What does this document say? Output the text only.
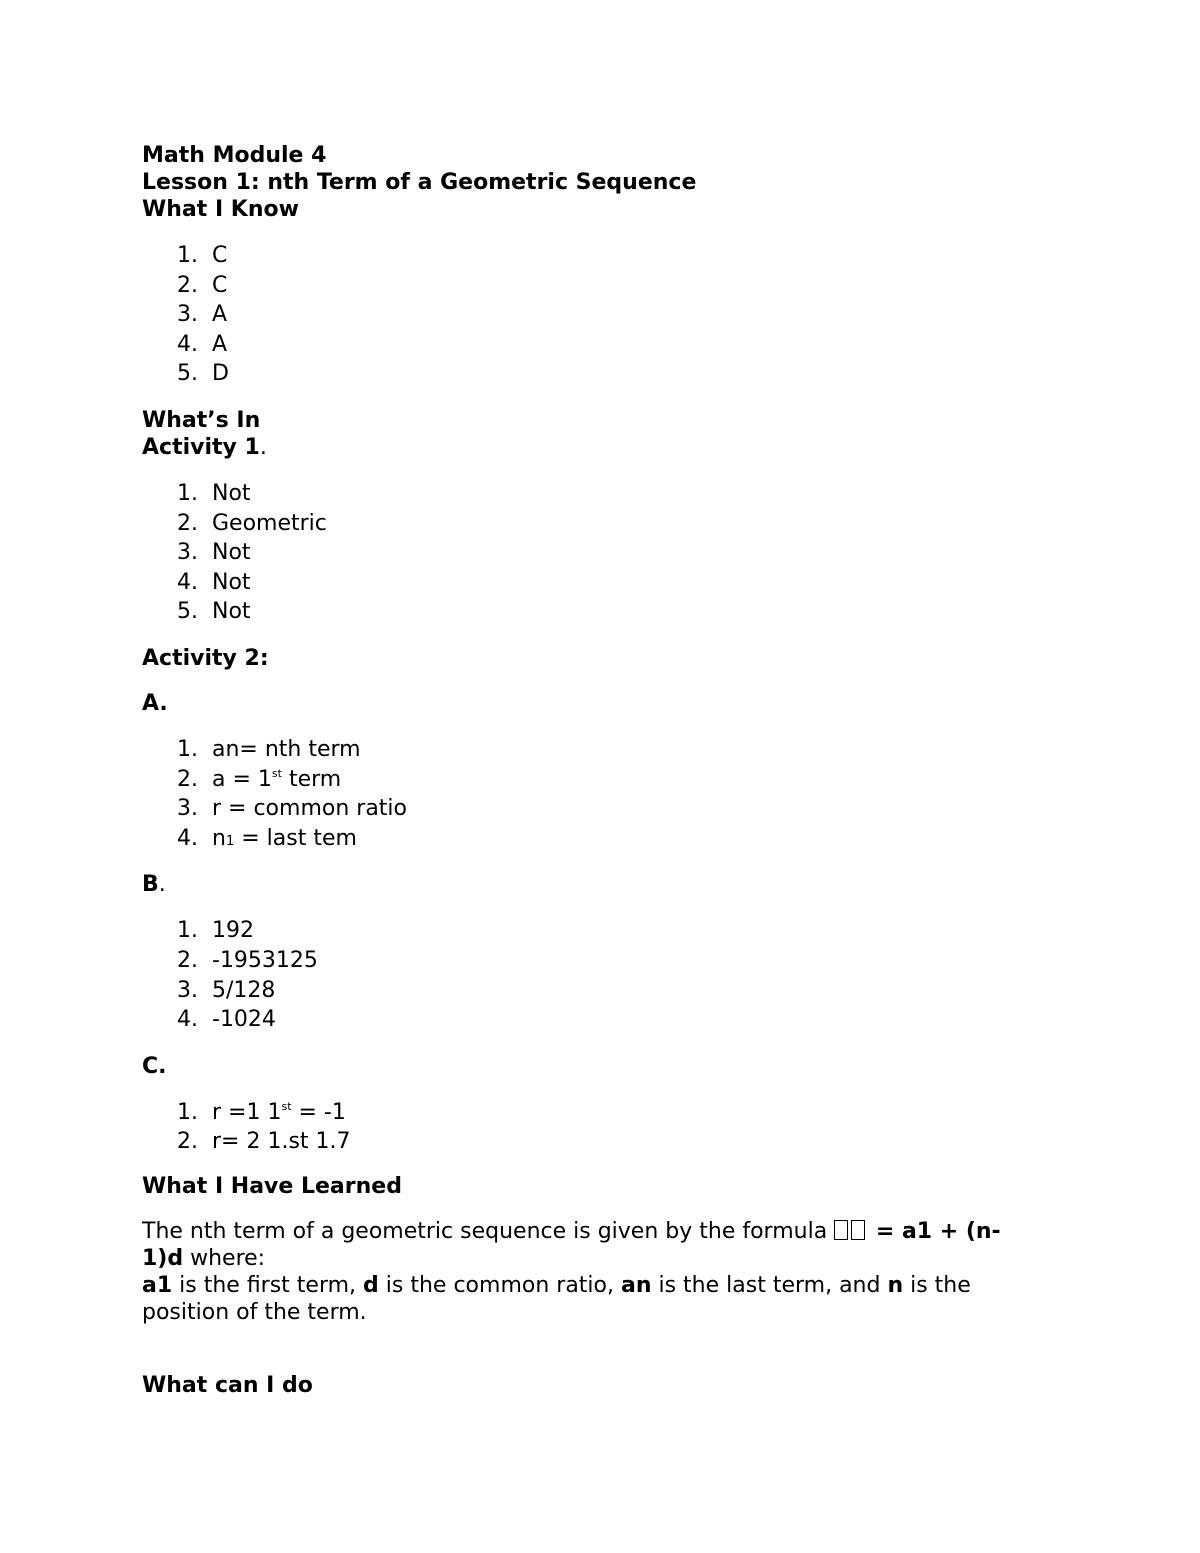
Math Module 4

Lesson 1: nth Term of a Geometric Sequence

What I Know

1. C
2. C
3. A
4. A
5. D

What’s In

Activity 1.

1. Not
2. Geometric
3. Not
4. Not
5. Not

Activity 2:

A.

1. an= nth term
2. a = 1st term
3. r = common ratio
4. n1 = last tem

B.

1. 192
2. -1953125
3. 5/128
4. -1024

C.

1. r =1 1st = -1
2. r= 2 1.st 1.7

What I Have Learned

The nth term of a geometric sequence is given by the formula  = a1 + (n-
1)d where:
a1 is the first term, d is the common ratio, an is the last term, and n is the
position of the term.

What can I do
